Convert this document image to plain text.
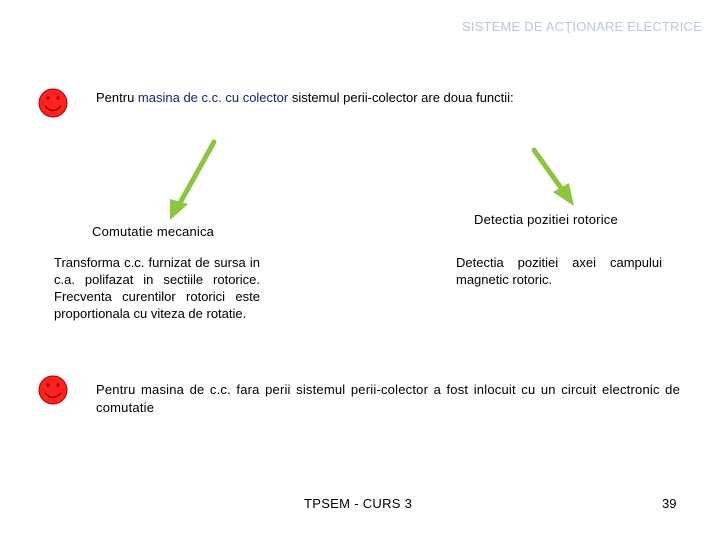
SISTEME DE ACŢIONARE ELECTRICE
Pentru masina de c.c. cu colector sistemul perii-colector are doua functii:
Comutatie mecanica
Detectia pozitiei rotorice
Transforma c.c. furnizat de sursa in c.a. polifazat in sectiile rotorice. Frecventa curentilor rotorici este proportionala cu viteza de rotatie.
Detectia pozitiei axei campului magnetic rotoric.
Pentru masina de c.c. fara perii sistemul perii-colector a fost inlocuit cu un circuit electronic de comutatie
TPSEM - CURS 3	39
